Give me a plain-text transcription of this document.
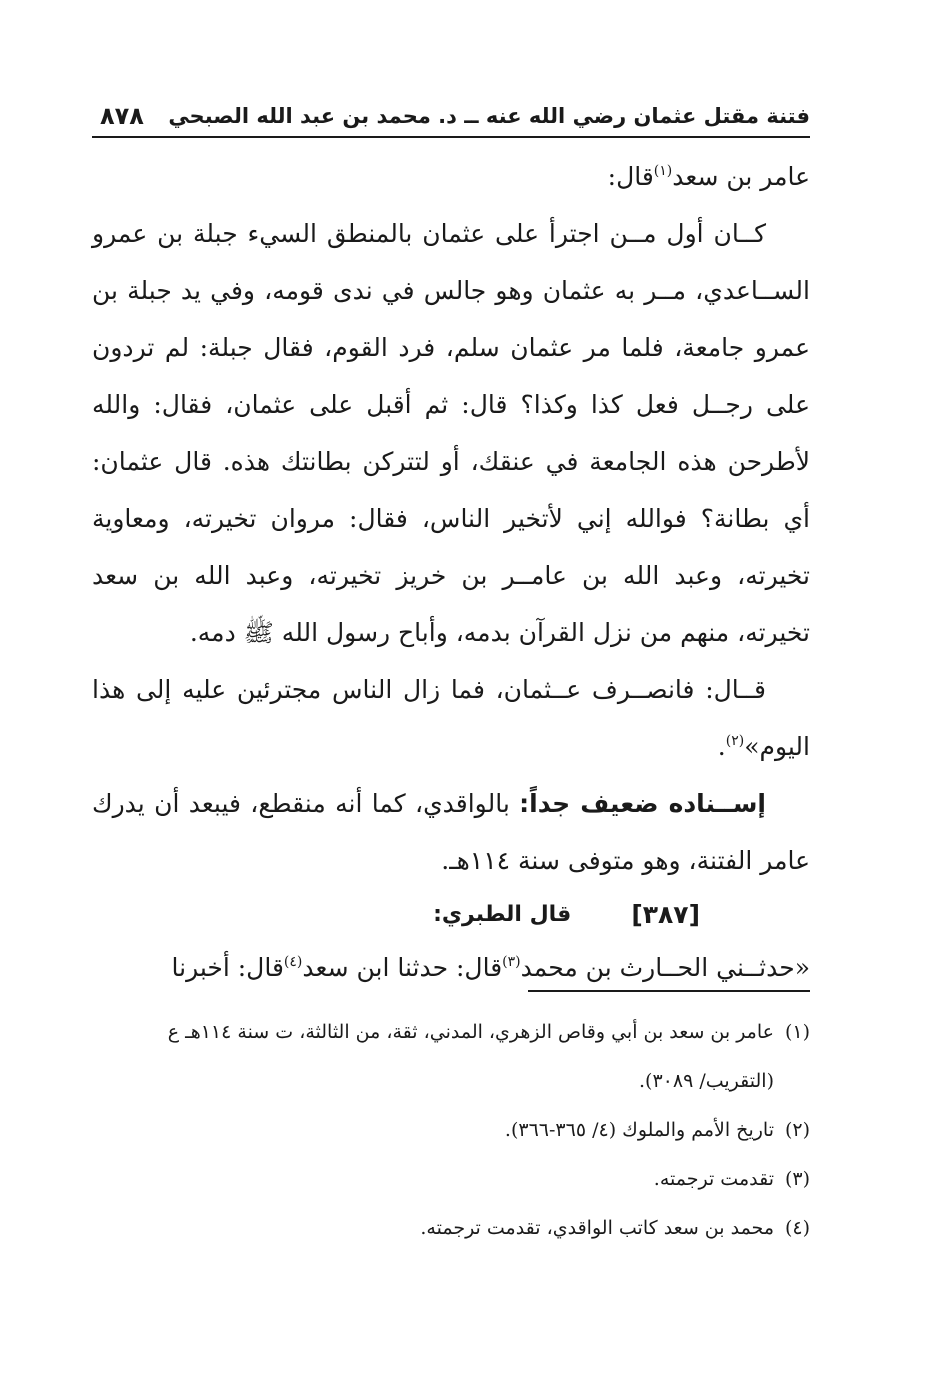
فتنة مقتل عثمان رضي الله عنه ــ د. محمد بن عبد الله الصبحي
٨٧٨

عامر بن سعد$^{(١)}$قال:

كــان أول مــن اجترأ على عثمان بالمنطق السيء جبلة بن عمرو الســاعدي، مــر به عثمان وهو جالس في ندى قومه، وفي يد جبلة بن عمرو جامعة، فلما مر عثمان سلم، فرد القوم، فقال جبلة: لم تردون على رجــل فعل كذا وكذا؟ قال: ثم أقبل على عثمان، فقال: والله لأطرحن هذه الجامعة في عنقك، أو لتتركن بطانتك هذه. قال عثمان: أي بطانة؟ فوالله إني لأتخير الناس، فقال: مروان تخيرته، ومعاوية تخيرته، وعبد الله بن عامــر بن خريز تخيرته، وعبد الله بن سعد تخيرته، منهم من نزل القرآن بدمه، وأباح رسول الله ﷺ دمه.

قــال: فانصــرف عــثمان، فما زال الناس مجترئين عليه إلى هذا اليوم»$^{(٢)}$.

إســناده ضعيف جداً: بالواقدي، كما أنه منقطع، فيبعد أن يدرك عامر الفتنة، وهو متوفى سنة ١١٤هـ.

[٣٨٧]
قال الطبري:

«حدثــني الحــارث بن محمد$^{(٣)}$قال: حدثنا ابن سعد$^{(٤)}$قال: أخبرنا

(١)
عامر بن سعد بن أبي وقاص الزهري، المدني، ثقة، من الثالثة، ت سنة ١١٤هـ ع

(التقريب/ ٣٠٨٩).

(٢)
تاريخ الأمم والملوك (٤/ ٣٦٥-٣٦٦).

(٣)
تقدمت ترجمته.

(٤)
محمد بن سعد كاتب الواقدي، تقدمت ترجمته.
